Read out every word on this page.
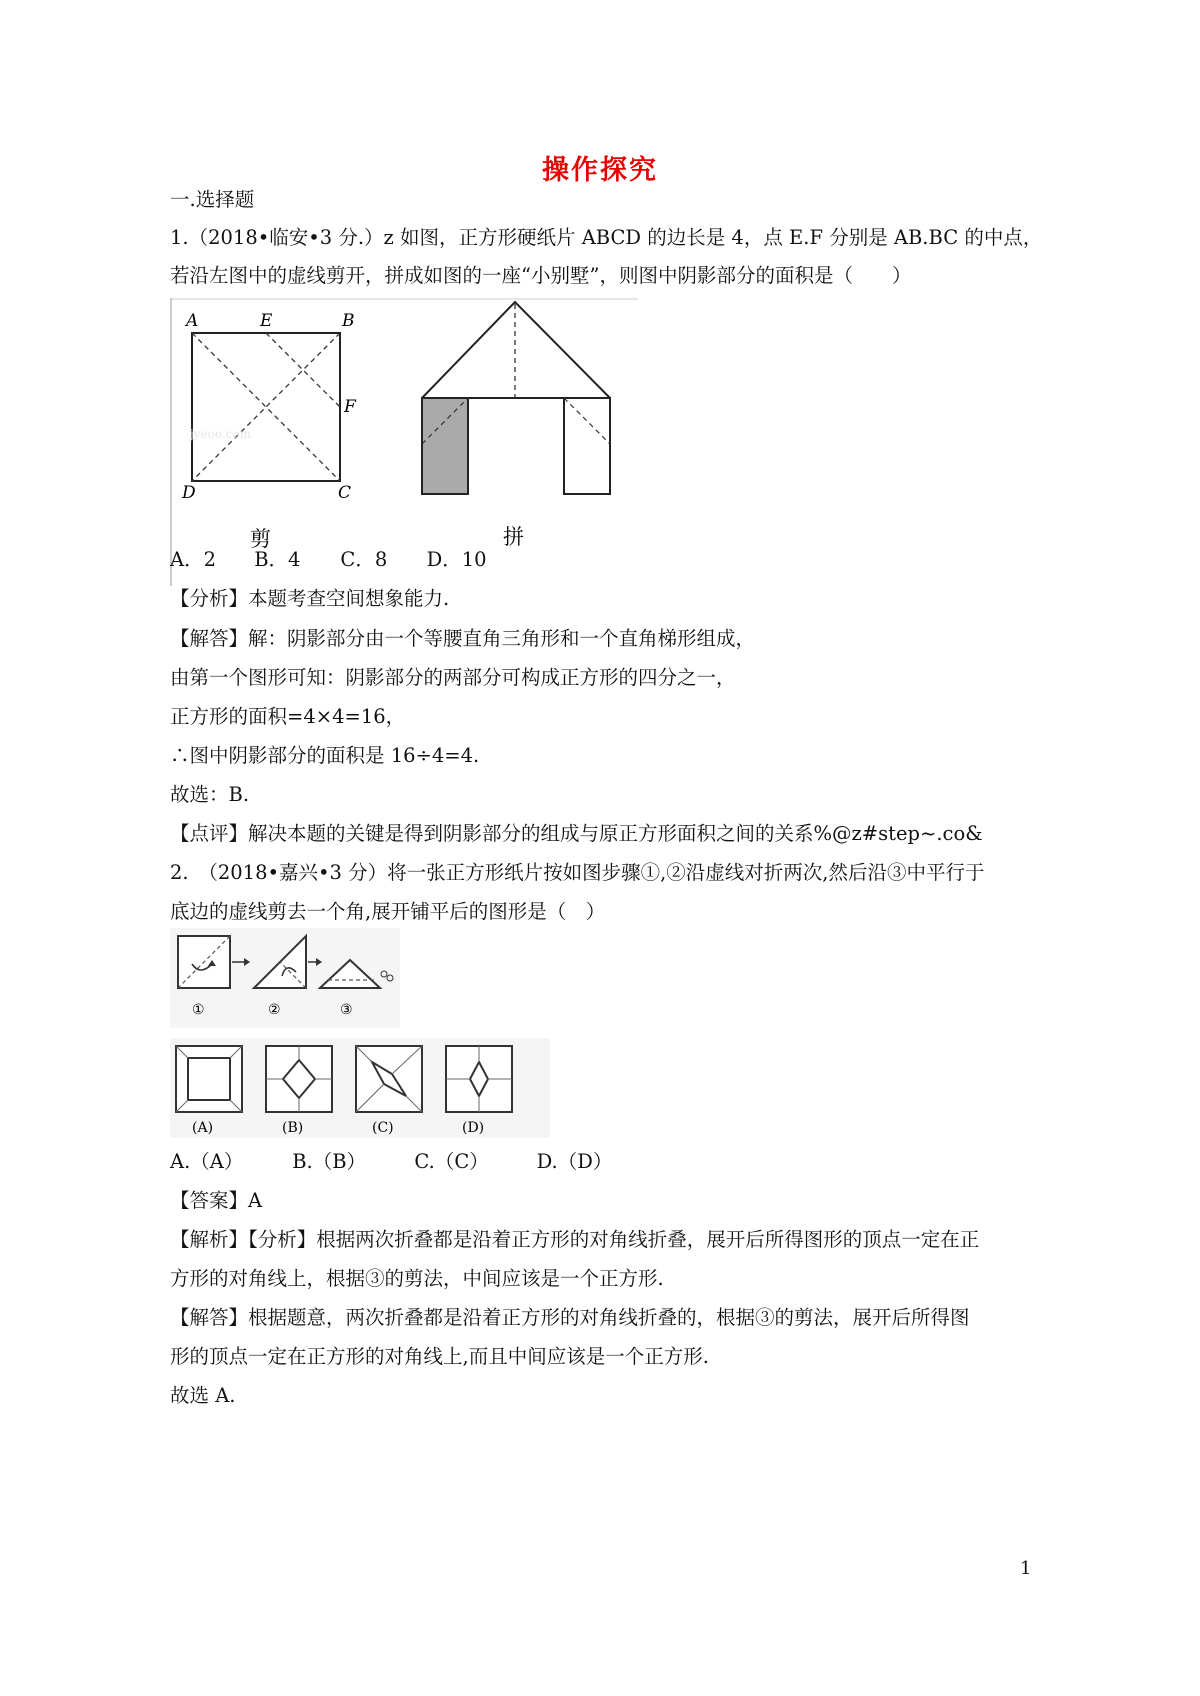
操作探究
一.选择题
1.（2018•临安•3 分.）z 如图，正方形硬纸片 ABCD 的边长是 4，点 E.F 分别是 AB.BC 的中点，
若沿左图中的虚线剪开，拼成如图的一座“小别墅”，则图中阴影部分的面积是（　　）
A	E	B
F
D	C
jyeoo.com
剪	拼
A．2 B．4 C．8 D．10
【分析】本题考查空间想象能力.
【解答】解：阴影部分由一个等腰直角三角形和一个直角梯形组成，
由第一个图形可知：阴影部分的两部分可构成正方形的四分之一，
正方形的面积=4×4=16，
∴图中阴影部分的面积是 16÷4=4.
故选：B.
【点评】解决本题的关键是得到阴影部分的组成与原正方形面积之间的关系%@z#step~.co&
2.　（2018•嘉兴•3 分）将一张正方形纸片按如图步骤①,②沿虚线对折两次,然后沿③中平行于
底边的虚线剪去一个角,展开铺平后的图形是（　）
①	②	③
(A)	(B)	(C)	(D)
A.（A）	B.（B） C.（C） D.（D）
【答案】A
【解析】【分析】根据两次折叠都是沿着正方形的对角线折叠，展开后所得图形的顶点一定在正
方形的对角线上，根据③的剪法，中间应该是一个正方形.
【解答】根据题意，两次折叠都是沿着正方形的对角线折叠的，根据③的剪法，展开后所得图
形的顶点一定在正方形的对角线上,而且中间应该是一个正方形.
故选 A.
1
